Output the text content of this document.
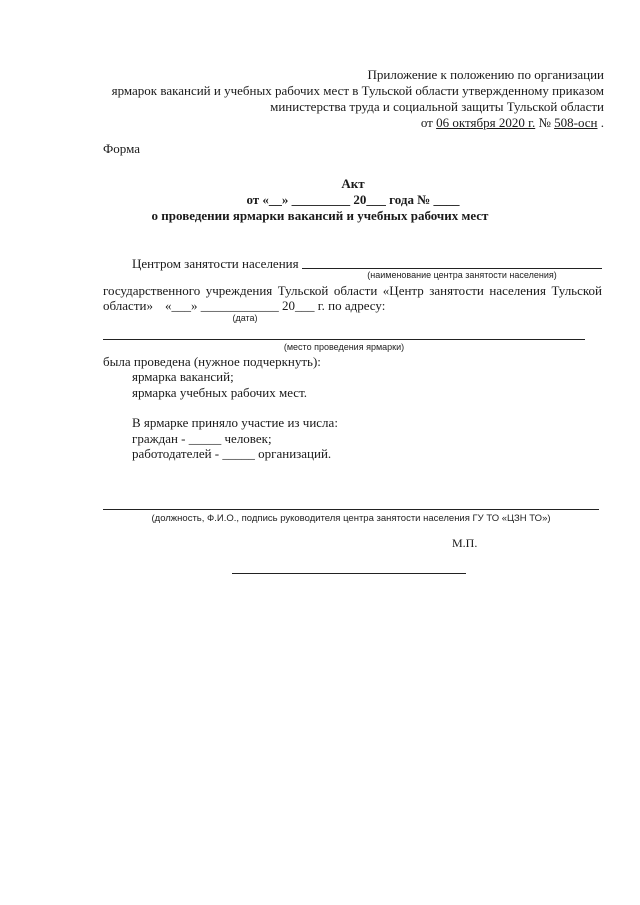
Приложение к положению по организации
ярмарок вакансий и учебных рабочих мест в Тульской области утвержденному приказом
министерства труда и социальной защиты Тульской области
от 06 октября 2020 г. № 508-осн .
Форма
Акт
от «__» _________ 20___ года № ____
о проведении ярмарки вакансий и учебных рабочих мест
Центром занятости населения
(наименование центра занятости населения)
государственного учреждения Тульской области «Центр занятости населения Тульской
области» «___» ____________ 20___ г. по адресу:
(дата)
(место проведения ярмарки)
была проведена (нужное подчеркнуть):
ярмарка вакансий;
ярмарка учебных рабочих мест.
В ярмарке приняло участие из числа:
граждан - _____ человек;
работодателей - _____ организаций.
(должность, Ф.И.О., подпись руководителя центра занятости населения ГУ ТО «ЦЗН ТО»)
М.П.
